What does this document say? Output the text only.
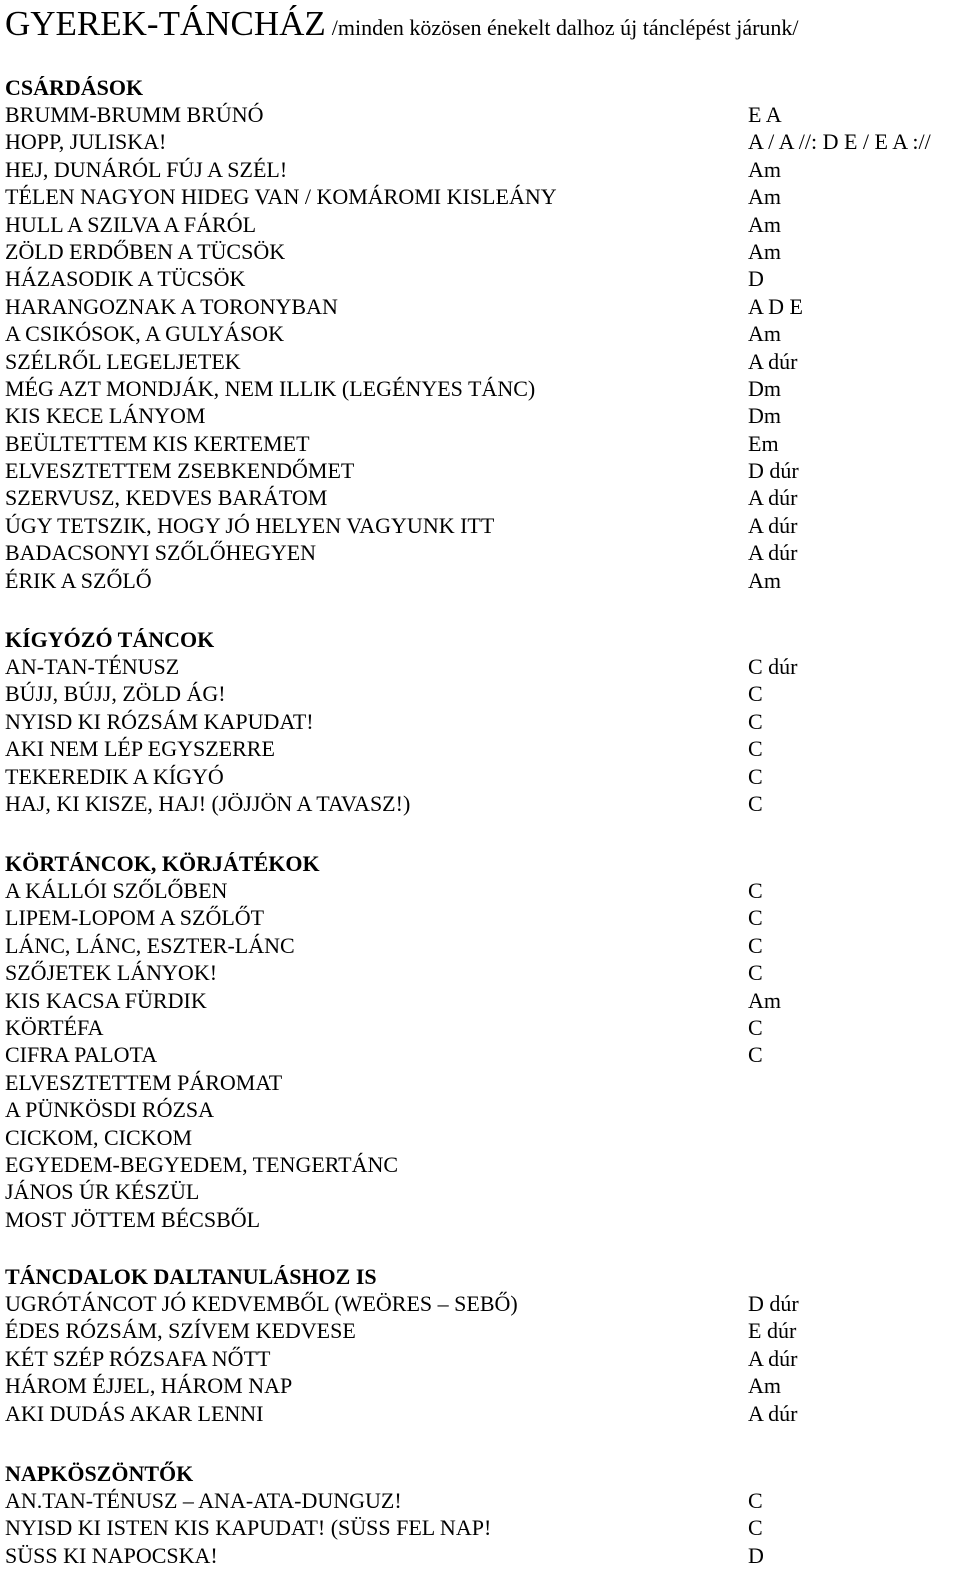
GYEREK-TÁNCHÁZ /minden közösen énekelt dalhoz új tánclépést járunk/
CSÁRDÁSOK
BRUMM-BRUMM BRÚNÓ	E A
HOPP, JULISKA!	A / A //: D E / E A ://
HEJ, DUNÁRÓL FÚJ A SZÉL!	Am
TÉLEN NAGYON HIDEG VAN / KOMÁROMI KISLEÁNY	Am
HULL A SZILVA A FÁRÓL	Am
ZÖLD ERDŐBEN A TÜCSÖK	Am
HÁZASODIK A TÜCSÖK	D
HARANGOZNAK A TORONYBAN	A D E
A CSIKÓSOK, A GULYÁSOK	Am
SZÉLRŐL LEGELJETEK	A dúr
MÉG AZT MONDJÁK, NEM ILLIK (LEGÉNYES TÁNC)	Dm
KIS KECE LÁNYOM	Dm
BEÜLTETTEM KIS KERTEMET	Em
ELVESZTETTEM ZSEBKENDŐMET	D dúr
SZERVUSZ, KEDVES BARÁTOM	A dúr
ÚGY TETSZIK, HOGY JÓ HELYEN VAGYUNK ITT	A dúr
BADACSONYI SZŐLŐHEGYEN	A dúr
ÉRIK A SZŐLŐ	Am
KÍGYÓZÓ TÁNCOK
AN-TAN-TÉNUSZ	C dúr
BÚJJ, BÚJJ, ZÖLD ÁG!	C
NYISD KI RÓZSÁM KAPUDAT!	C
AKI NEM LÉP EGYSZERRE	C
TEKEREDIK A KÍGYÓ	C
HAJ, KI KISZE, HAJ! (JÖJJÖN A TAVASZ!)	C
KÖRTÁNCOK, KÖRJÁTÉKOK
A KÁLLÓI SZŐLŐBEN	C
LIPEM-LOPOM A SZŐLŐT	C
LÁNC, LÁNC, ESZTER-LÁNC	C
SZŐJETEK LÁNYOK!	C
KIS KACSA FÜRDIK	Am
KÖRTÉFA	C
CIFRA PALOTA	C
ELVESZTETTEM PÁROMAT
A PÜNKÖSDI RÓZSA
CICKOM, CICKOM
EGYEDEM-BEGYEDEM, TENGERTÁNC
JÁNOS ÚR KÉSZÜL
MOST JÖTTEM BÉCSBŐL
TÁNCDALOK DALTANULÁSHOZ IS
UGRÓTÁNCOT JÓ KEDVEMBŐL (WEÖRES – SEBŐ)	D dúr
ÉDES RÓZSÁM, SZÍVEM KEDVESE	E dúr
KÉT SZÉP RÓZSAFA NŐTT	A dúr
HÁROM ÉJJEL, HÁROM NAP	Am
AKI DUDÁS AKAR LENNI	A dúr
NAPKÖSZÖNTŐK
AN.TAN-TÉNUSZ – ANA-ATA-DUNGUZ!	C
NYISD KI ISTEN KIS KAPUDAT! (SÜSS FEL NAP!	C
SÜSS KI NAPOCSKA!	D
